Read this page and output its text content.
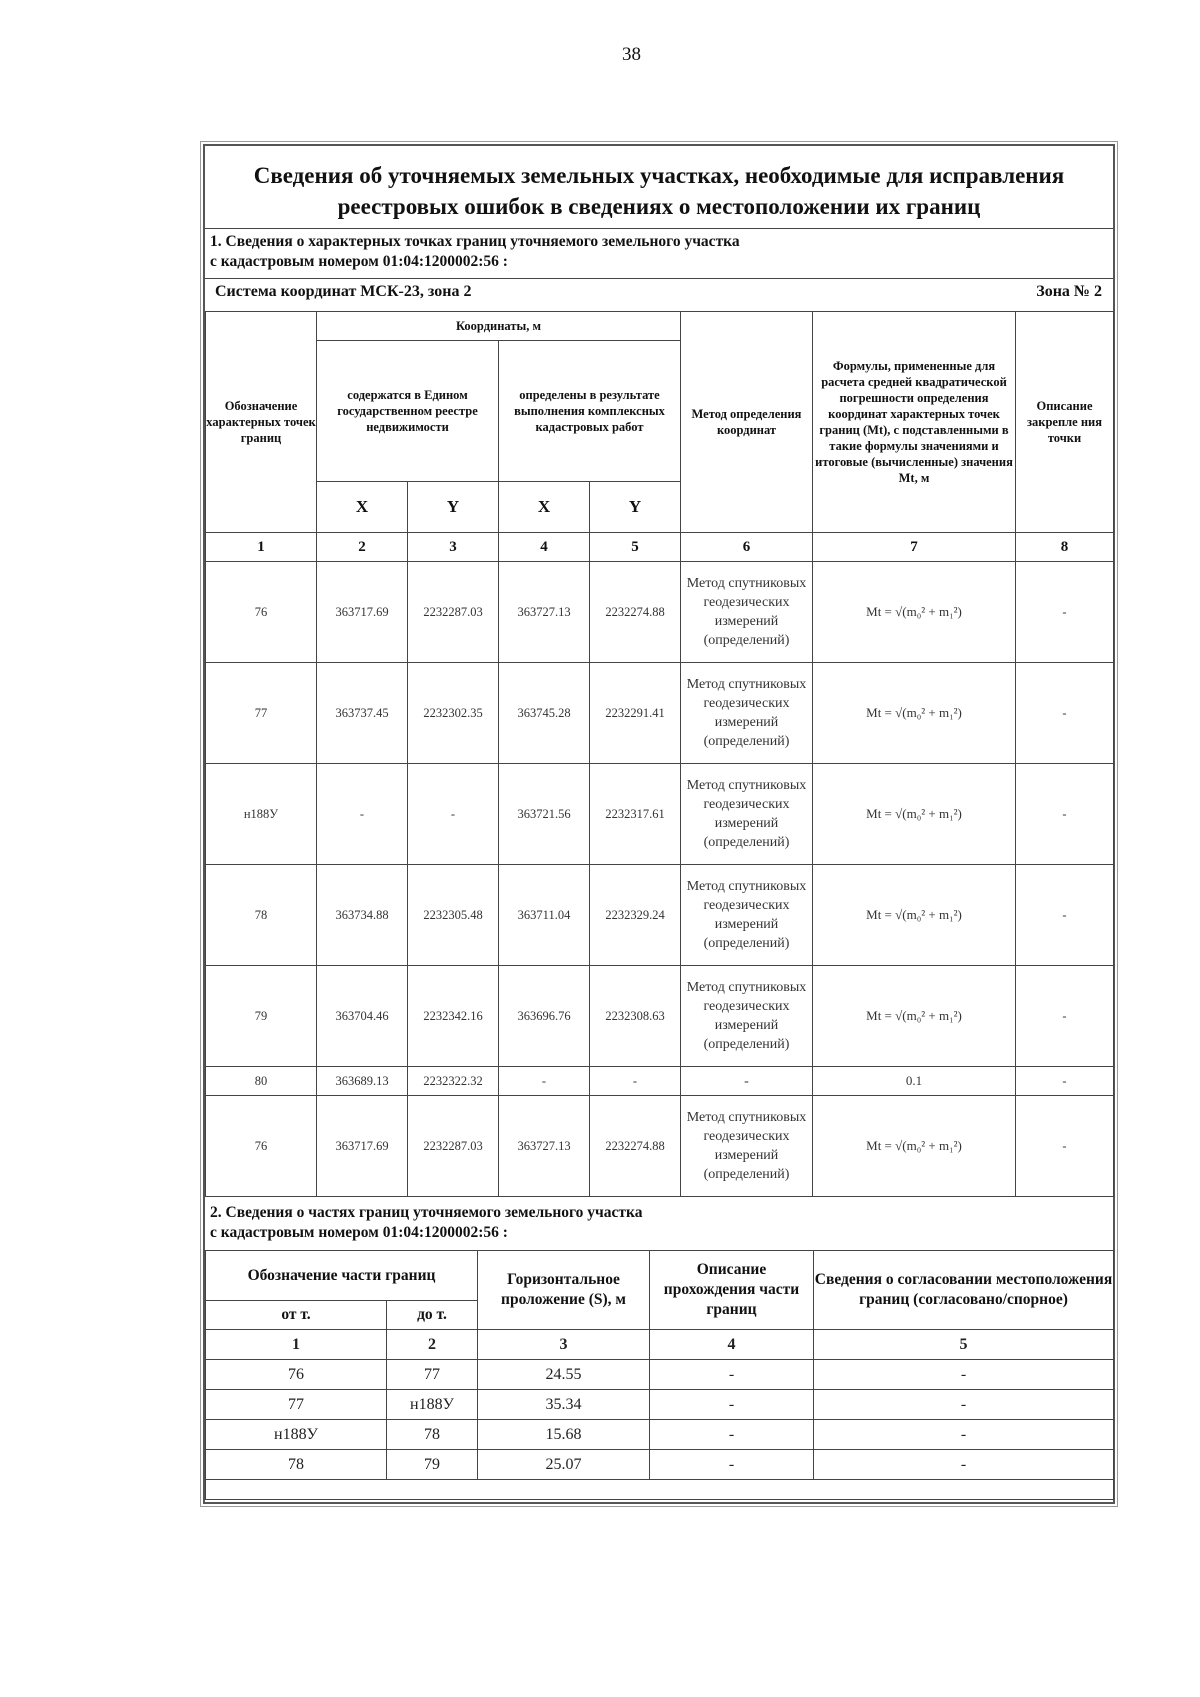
38
Сведения об уточняемых земельных участках, необходимые для исправления
реестровых ошибок в сведениях о местоположении их границ
1. Сведения о характерных точках границ уточняемого земельного участка
с кадастровым номером 01:04:1200002:56 :
Система координат МСК-23, зона 2	Зона № 2
Обозначение характерных точек границ	Координаты, м				Метод определения координат	Формулы, примененные для расчета средней квадратической погрешности определения координат характерных точек границ (Mt), с подставленными в такие формулы значениями и итоговые (вычисленные) значения Mt, м	Описание закрепле ния точки
	содержатся в Едином государственном реестре недвижимости		определены в результате выполнения комплексных кадастровых работ				
	X	Y	X	Y			
1	2	3	4	5	6	7	8
76	363717.69	2232287.03	363727.13	2232274.88	Метод спутниковых геодезических измерений (определений)	Mt = √(m₀² + m₁²)	-
77	363737.45	2232302.35	363745.28	2232291.41	Метод спутниковых геодезических измерений (определений)	Mt = √(m₀² + m₁²)	-
н188У	-	-	363721.56	2232317.61	Метод спутниковых геодезических измерений (определений)	Mt = √(m₀² + m₁²)	-
78	363734.88	2232305.48	363711.04	2232329.24	Метод спутниковых геодезических измерений (определений)	Mt = √(m₀² + m₁²)	-
79	363704.46	2232342.16	363696.76	2232308.63	Метод спутниковых геодезических измерений (определений)	Mt = √(m₀² + m₁²)	-
80	363689.13	2232322.32	-	-	-	0.1	-
76	363717.69	2232287.03	363727.13	2232274.88	Метод спутниковых геодезических измерений (определений)	Mt = √(m₀² + m₁²)	-
2. Сведения о частях границ уточняемого земельного участка
с кадастровым номером 01:04:1200002:56 :
Обозначение части границ		Горизонтальное проложение (S), м	Описание прохождения части границ	Сведения о согласовании местоположения границ (согласовано/спорное)
от т.	до т.			
1	2	3	4	5
76	77	24.55	-	-
77	н188У	35.34	-	-
н188У	78	15.68	-	-
78	79	25.07	-	-
